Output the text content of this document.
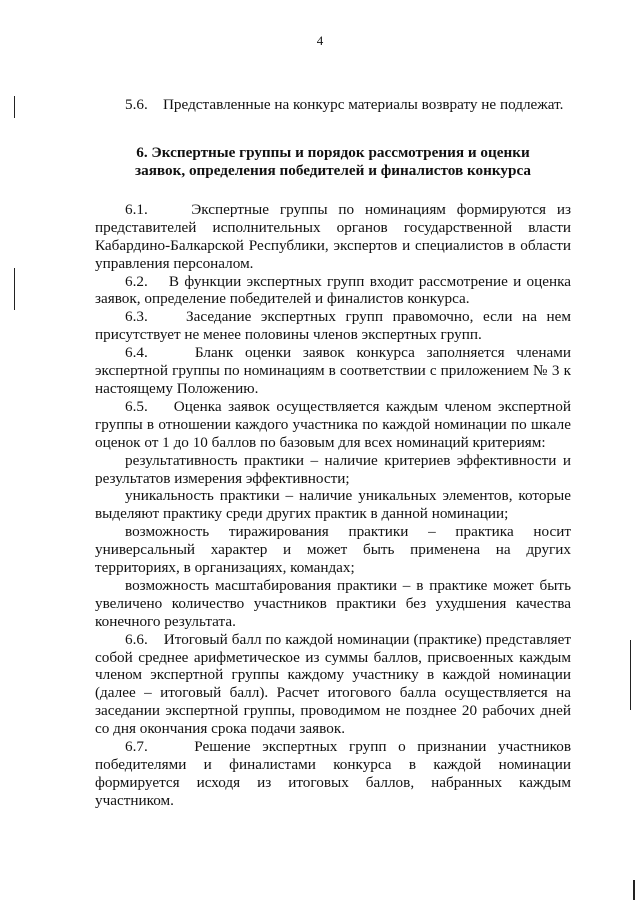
4

5.6.    Представленные на конкурс материалы возврату не подлежат.

6. Экспертные группы и порядок рассмотрения и оценки
заявок, определения победителей и финалистов конкурса

6.1.    Экспертные группы по номинациям формируются из представителей исполнительных органов государственной власти Кабардино-Балкарской Республики, экспертов и специалистов в области управления персоналом.

6.2.    В функции экспертных групп входит рассмотрение и оценка заявок, определение победителей и финалистов конкурса.

6.3.    Заседание экспертных групп правомочно, если на нем присутствует не менее половины членов экспертных групп.

6.4.    Бланк оценки заявок конкурса заполняется членами экспертной группы по номинациям в соответствии с приложением № 3 к настоящему Положению.

6.5.    Оценка заявок осуществляется каждым членом экспертной группы в отношении каждого участника по каждой номинации по шкале оценок от 1 до 10 баллов по базовым для всех номинаций критериям:

результативность практики – наличие критериев эффективности и результатов измерения эффективности;

уникальность практики – наличие уникальных элементов, которые выделяют практику среди других практик в данной номинации;

возможность тиражирования практики – практика носит универсальный характер и может быть применена на других территориях, в организациях, командах;

возможность масштабирования практики – в практике может быть увеличено количество участников практики без ухудшения качества конечного результата.

6.6.    Итоговый балл по каждой номинации (практике) представляет собой среднее арифметическое из суммы баллов, присвоенных каждым членом экспертной группы каждому участнику в каждой номинации (далее – итоговый балл). Расчет итогового балла осуществляется на заседании экспертной группы, проводимом не позднее 20 рабочих дней со дня окончания срока подачи заявок.

6.7.    Решение экспертных групп о признании участников победителями и финалистами конкурса в каждой номинации формируется исходя из итоговых баллов, набранных каждым участником.
